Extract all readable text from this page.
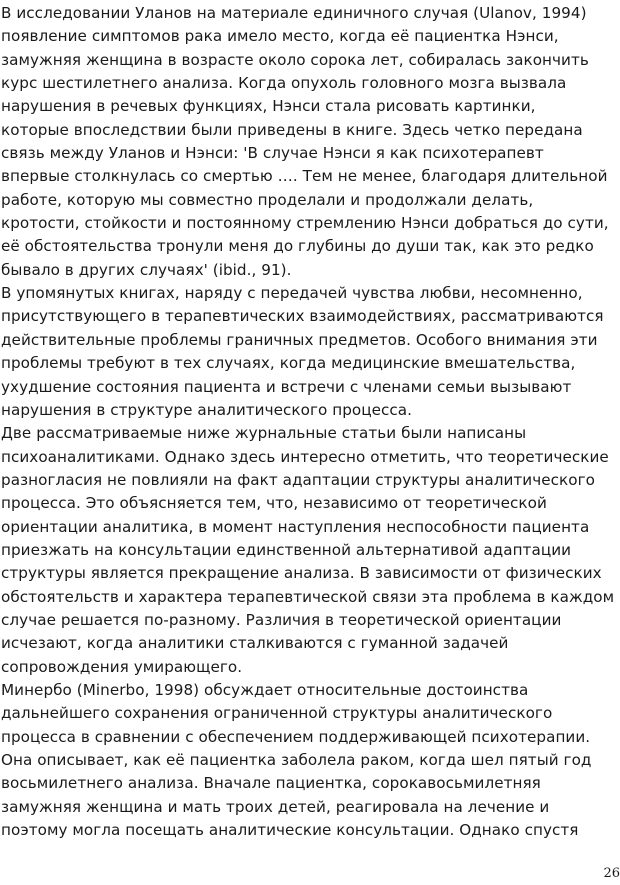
В исследовании Уланов на материале единичного случая (Ulanov, 1994)
появление симптомов рака имело место, когда её пациентка Нэнси,
замужняя женщина в возрасте около сорока лет, собиралась закончить
курс шестилетнего анализа. Когда опухоль головного мозга вызвала
нарушения в речевых функциях, Нэнси стала рисовать картинки,
которые впоследствии были приведены в книге. Здесь четко передана
связь между Уланов и Нэнси: 'В случае Нэнси я как психотерапевт
впервые столкнулась со смертью …. Тем не менее, благодаря длительной
работе, которую мы совместно проделали и продолжали делать,
кротости, стойкости и постоянному стремлению Нэнси добраться до сути,
её обстоятельства тронули меня до глубины до души так, как это редко
бывало в других случаях' (ibid., 91).
В упомянутых книгах, наряду с передачей чувства любви, несомненно,
присутствующего в терапевтических взаимодействиях, рассматриваются
действительные проблемы граничных предметов. Особого внимания эти
проблемы требуют в тех случаях, когда медицинские вмешательства,
ухудшение состояния пациента и встречи с членами семьи вызывают
нарушения в структуре аналитического процесса.
Две рассматриваемые ниже журнальные статьи были написаны
психоаналитиками. Однако здесь интересно отметить, что теоретические
разногласия не повлияли на факт адаптации структуры аналитического
процесса. Это объясняется тем, что, независимо от теоретической
ориентации аналитика, в момент наступления неспособности пациента
приезжать на консультации единственной альтернативой адаптации
структуры является прекращение анализа. В зависимости от физических
обстоятельств и характера терапевтической связи эта проблема в каждом
случае решается по-разному. Различия в теоретической ориентации
исчезают, когда аналитики сталкиваются с гуманной задачей
сопровождения умирающего.
Минербо (Minerbo, 1998) обсуждает относительные достоинства
дальнейшего сохранения ограниченной структуры аналитического
процесса в сравнении с обеспечением поддерживающей психотерапии.
Она описывает, как её пациентка заболела раком, когда шел пятый год
восьмилетнего анализа. Вначале пациентка, сорокавосьмилетняя
замужняя женщина и мать троих детей, реагировала на лечение и
поэтому могла посещать аналитические консультации. Однако спустя
26
